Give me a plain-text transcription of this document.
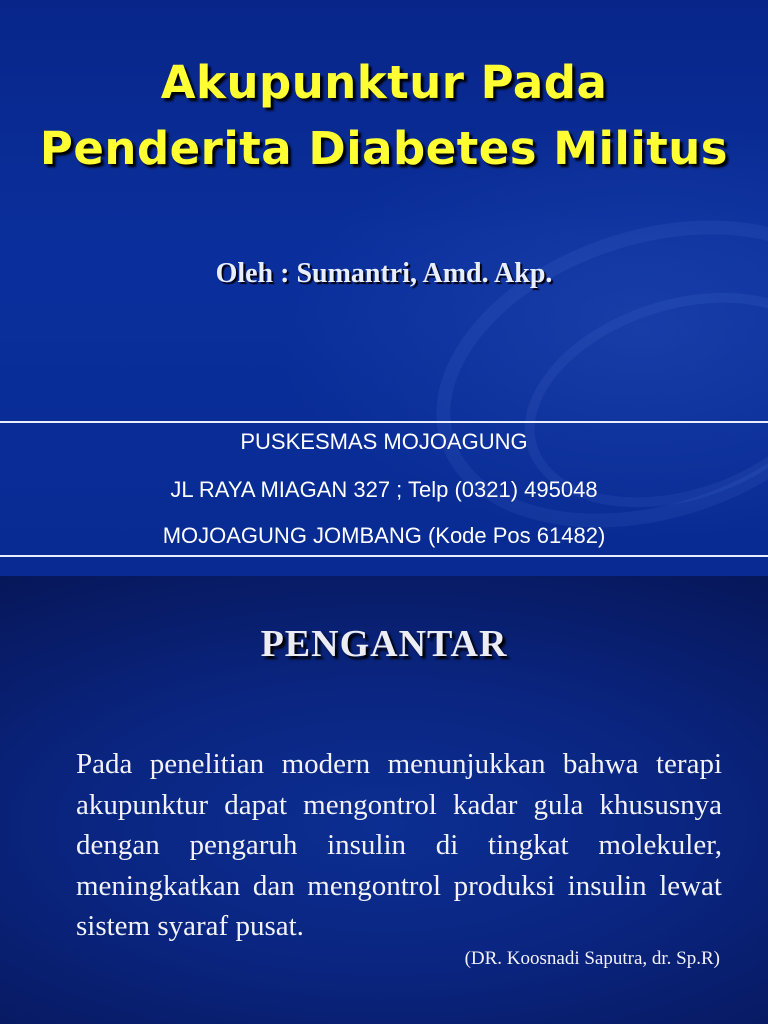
Akupunktur Pada
Penderita Diabetes Militus
Oleh : Sumantri, Amd. Akp.
PUSKESMAS MOJOAGUNG
JL RAYA MIAGAN 327 ; Telp (0321) 495048
MOJOAGUNG JOMBANG (Kode Pos 61482)
PENGANTAR
Pada penelitian modern menunjukkan bahwa terapi akupunktur dapat mengontrol kadar gula khususnya dengan pengaruh insulin di tingkat molekuler, meningkatkan dan mengontrol produksi insulin lewat sistem syaraf pusat.
(DR. Koosnadi Saputra, dr. Sp.R)
